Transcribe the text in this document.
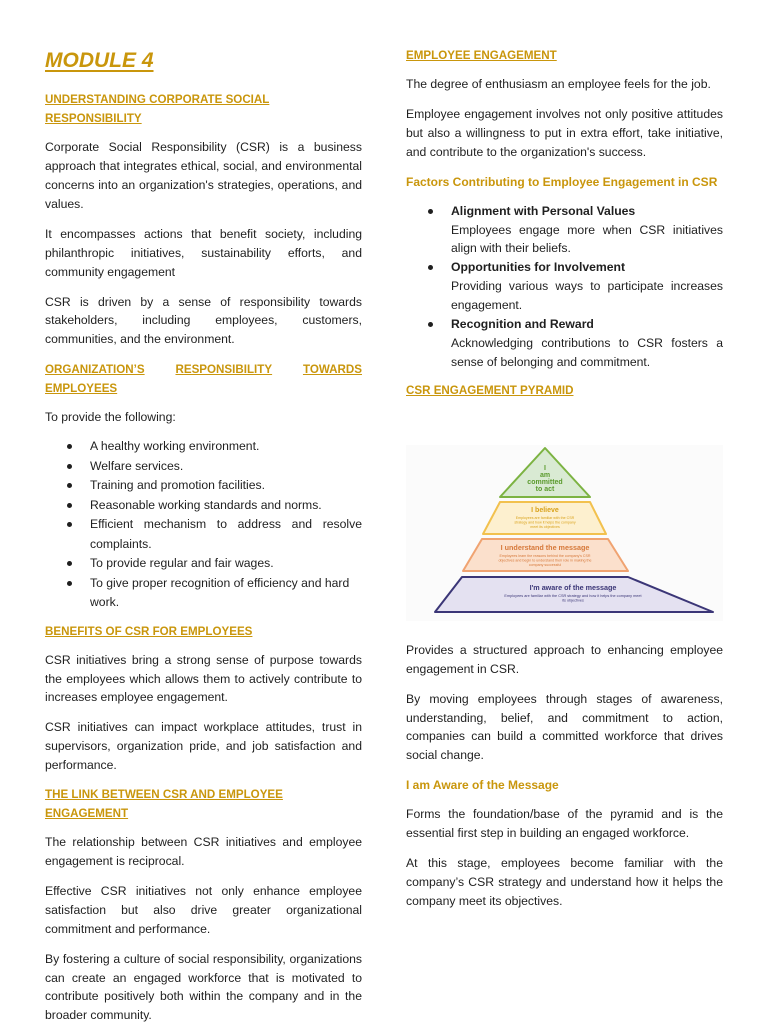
MODULE 4
UNDERSTANDING CORPORATE SOCIAL RESPONSIBILITY

Corporate Social Responsibility (CSR) is a business approach that integrates ethical, social, and environmental concerns into an organization's strategies, operations, and values.

It encompasses actions that benefit society, including philanthropic initiatives, sustainability efforts, and community engagement

CSR is driven by a sense of responsibility towards stakeholders, including employees, customers, communities, and the environment.

ORGANIZATION’S	RESPONSIBILITY	TOWARDS
EMPLOYEES

To provide the following:

A healthy working environment.
Welfare services.
Training and promotion facilities.
Reasonable working standards and norms.
Efficient mechanism to address and resolve complaints.
To provide regular and fair wages.
To give proper recognition of efficiency and hard work.
BENEFITS OF CSR FOR EMPLOYEES

CSR initiatives bring a strong sense of purpose towards the employees which allows them to actively contribute to increases employee engagement.

CSR initiatives can impact workplace attitudes, trust in supervisors, organization pride, and job satisfaction and performance.

THE LINK BETWEEN CSR AND EMPLOYEE ENGAGEMENT

The relationship between CSR initiatives and employee engagement is reciprocal.

Effective CSR initiatives not only enhance employee satisfaction but also drive greater organizational commitment and performance.

By fostering a culture of social responsibility, organizations can create an engaged workforce that is motivated to contribute positively both within the company and in the broader community.

EMPLOYEE ENGAGEMENT

The degree of enthusiasm an employee feels for the job.

Employee engagement involves not only positive attitudes but also a willingness to put in extra effort, take initiative, and contribute to the organization's success.

Factors Contributing to Employee Engagement in CSR
Alignment with Personal Values
Employees engage more when CSR initiatives align with their beliefs.
Opportunities for Involvement
Providing various ways to participate increases engagement.
Recognition and Reward
Acknowledging contributions to CSR fosters a sense of belonging and commitment.
CSR ENGAGEMENT PYRAMID
I
am
committed
to act
I believe
Employees are familiar with the CSR
strategy and how it helps the company
meet its objectives
I understand the message
Employees learn the reasons behind the company's CSR
objectives and begin to understand their role in making the
company successful
I'm aware of the message
Employees are familiar with the CSR strategy and how it helps the company meet
its objectives

Provides a structured approach to enhancing employee engagement in CSR.

By moving employees through stages of awareness, understanding, belief, and commitment to action, companies can build a committed workforce that drives social change.

I am Aware of the Message

Forms the foundation/base of the pyramid and is the essential first step in building an engaged workforce.

At this stage, employees become familiar with the company’s CSR strategy and understand how it helps the company meet its objectives.
